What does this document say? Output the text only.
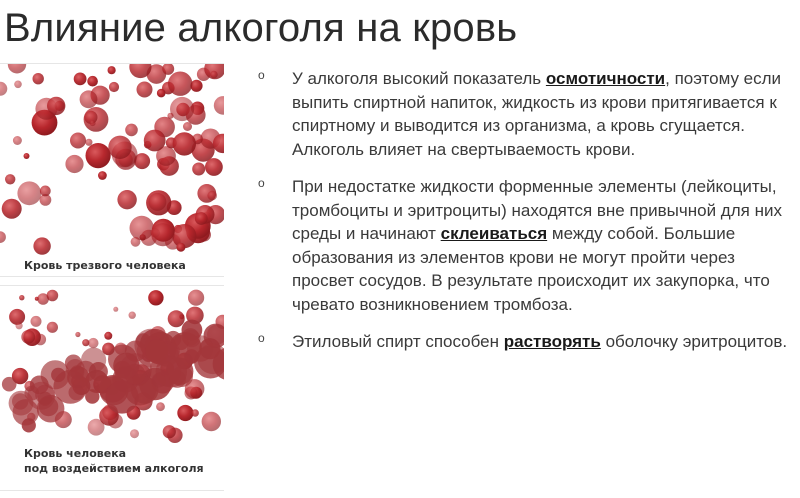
Влияние алкоголя на кровь
Кровь трезвого человека
Кровь человека
под воздействием алкоголя
o У алкоголя высокий показатель осмотичности, поэтому если выпить спиртной напиток, жидкость из крови притягивается к спиртному и выводится из организма, а кровь сгущается. Алкоголь влияет на свертываемость крови.
o При недостатке жидкости форменные элементы (лейкоциты, тромбоциты и эритроциты) находятся вне привычной для них среды и начинают склеиваться между собой. Большие образования из элементов крови не могут пройти через просвет сосудов. В результате происходит их закупорка, что чревато возникновением тромбоза.
o Этиловый спирт способен растворять оболочку эритроцитов.
